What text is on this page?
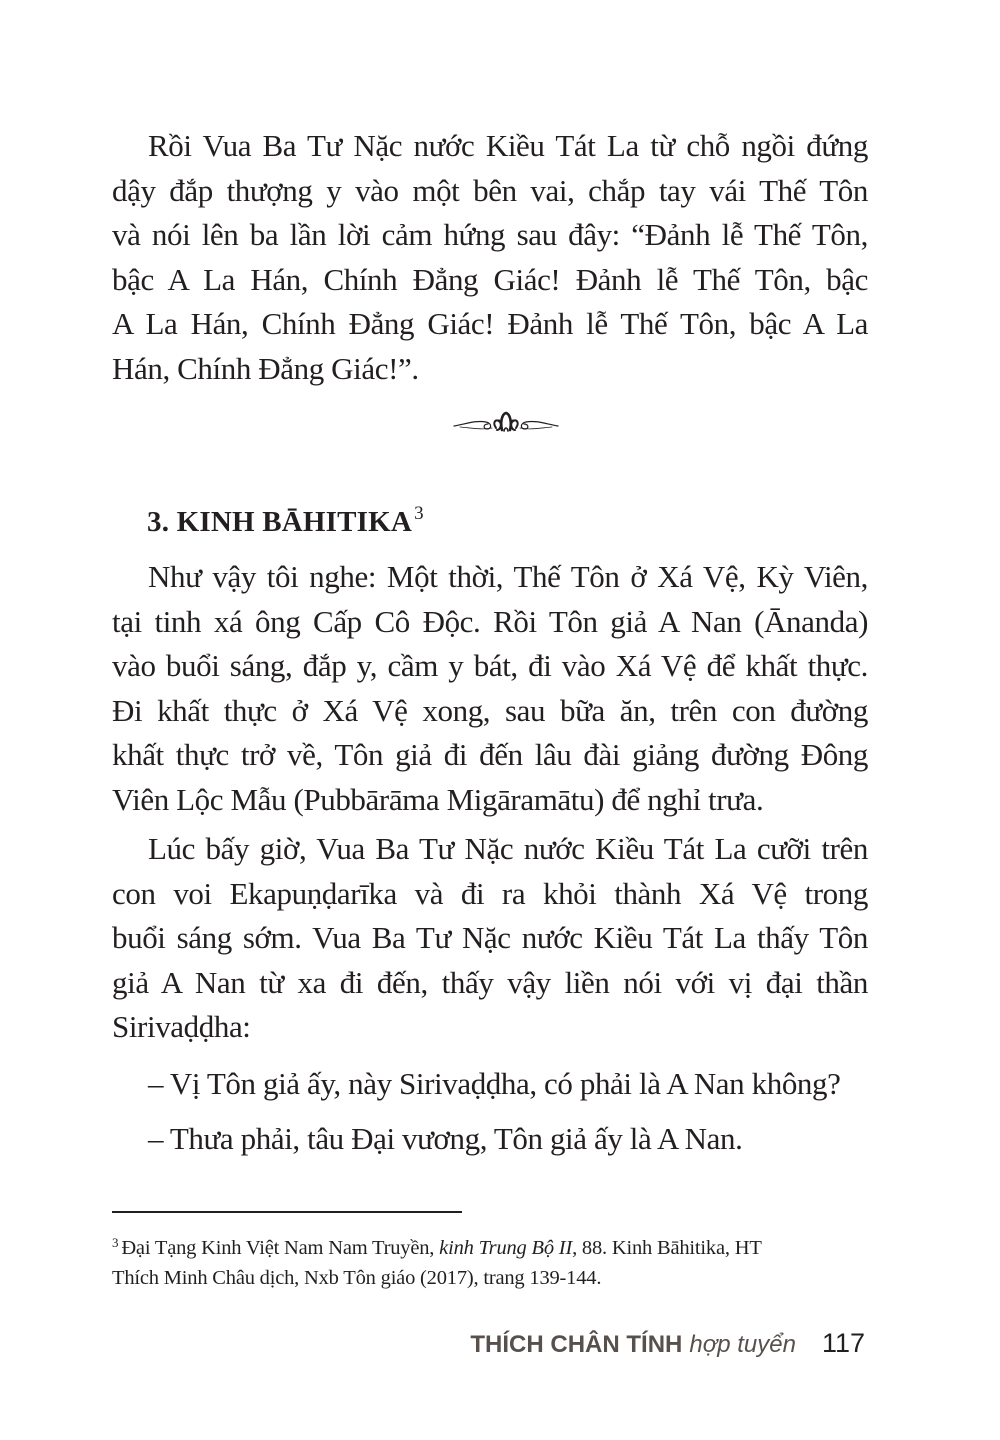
Rồi Vua Ba Tư Nặc nước Kiều Tát La từ chỗ ngồi đứng
dậy đắp thượng y vào một bên vai, chắp tay vái Thế Tôn
và nói lên ba lần lời cảm hứng sau đây: “Đảnh lễ Thế Tôn,
bậc A La Hán, Chính Đẳng Giác! Đảnh lễ Thế Tôn, bậc
A La Hán, Chính Đẳng Giác! Đảnh lễ Thế Tôn, bậc A La
Hán, Chính Đẳng Giác!”.
3. KINH BĀHITIKA $^3$
Như vậy tôi nghe: Một thời, Thế Tôn ở Xá Vệ, Kỳ Viên,
tại tinh xá ông Cấp Cô Độc. Rồi Tôn giả A Nan (Ānanda)
vào buổi sáng, đắp y, cầm y bát, đi vào Xá Vệ để khất thực.
Đi khất thực ở Xá Vệ xong, sau bữa ăn, trên con đường
khất thực trở về, Tôn giả đi đến lâu đài giảng đường Đông
Viên Lộc Mẫu (Pubbārāma Migāramātu) để nghỉ trưa.
Lúc bấy giờ, Vua Ba Tư Nặc nước Kiều Tát La cưỡi trên
con voi Ekapuṇḍarīka và đi ra khỏi thành Xá Vệ trong
buổi sáng sớm. Vua Ba Tư Nặc nước Kiều Tát La thấy Tôn
giả A Nan từ xa đi đến, thấy vậy liền nói với vị đại thần
Sirivaḍḍha:
– Vị Tôn giả ấy, này Sirivaḍḍha, có phải là A Nan không?
– Thưa phải, tâu Đại vương, Tôn giả ấy là A Nan.
$^3$ Đại Tạng Kinh Việt Nam Nam Truyền, kinh Trung Bộ II, 88. Kinh Bāhitika, HT
Thích Minh Châu dịch, Nxb Tôn giáo (2017), trang 139-144.
THÍCH CHÂN TÍNH hợp tuyển 117
